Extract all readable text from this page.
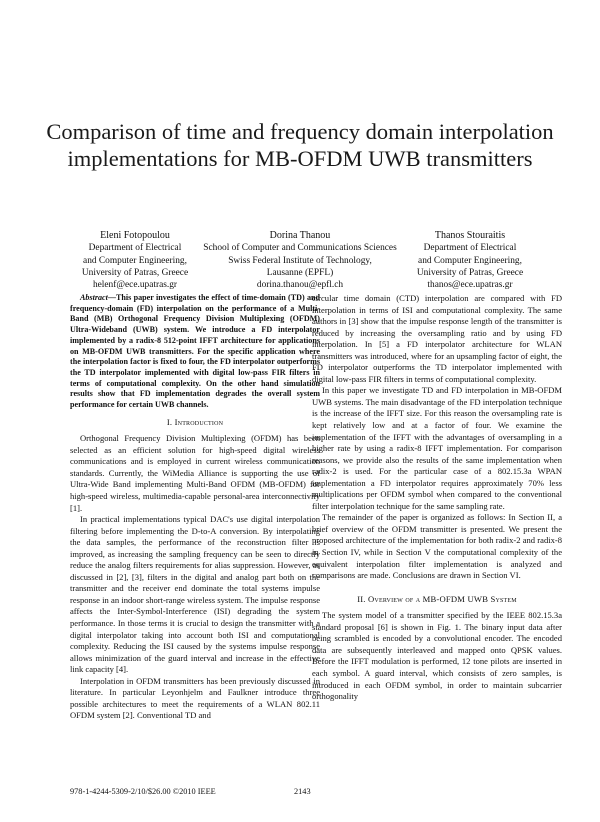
Comparison of time and frequency domain interpolation implementations for MB-OFDM UWB transmitters
Eleni Fotopoulou
Department of Electrical
and Computer Engineering,
University of Patras, Greece
helenf@ece.upatras.gr
Dorina Thanou
School of Computer and Communications Sciences
Swiss Federal Institute of Technology,
Lausanne (EPFL)
dorina.thanou@epfl.ch
Thanos Stouraitis
Department of Electrical
and Computer Engineering,
University of Patras, Greece
thanos@ece.upatras.gr

Abstract—This paper investigates the effect of time-domain (TD) and frequency-domain (FD) interpolation on the performance of a Multi-Band (MB) Orthogonal Frequency Division Multiplexing (OFDM) Ultra-Wideband (UWB) system. We introduce a FD interpolator implemented by a radix-8 512-point IFFT architecture for applications on MB-OFDM UWB transmitters. For the specific application where the interpolation factor is fixed to four, the FD interpolator outperforms the TD interpolator implemented with digital low-pass FIR filters in terms of computational complexity. On the other hand simulation results show that FD implementation degrades the overall system performance for certain UWB channels.

I. Introduction

Orthogonal Frequency Division Multiplexing (OFDM) has been selected as an efficient solution for high-speed digital wireless communications and is employed in current wireless communication standards. Currently, the WiMedia Alliance is supporting the use of Ultra-Wide Band implementing Multi-Band OFDM (MB-OFDM) for high-speed wireless, multimedia-capable personal-area interconnectivity [1].

In practical implementations typical DAC's use digital interpolation filtering before implementing the D-to-A conversion. By interpolating the data samples, the performance of the reconstruction filter is improved, as increasing the sampling frequency can be seen to directly reduce the analog filters requirements for alias suppression. However, as discussed in [2], [3], filters in the digital and analog part both on the transmitter and the receiver end dominate the total systems impulse response in an indoor short-range wireless system. The impulse response affects the Inter-Symbol-Interference (ISI) degrading the system performance. In those terms it is crucial to design the transmitter with a digital interpolator taking into account both ISI and computational complexity. Reducing the ISI caused by the systems impulse response allows minimization of the guard interval and increase in the effective link capacity [4].

Interpolation in OFDM transmitters has been previously discussed in literature. In particular Leyonhjelm and Faulkner introduce three possible architectures to meet the requirements of a WLAN 802.11 OFDM system [2]. Conventional TD and

circular time domain (CTD) interpolation are compared with FD interpolation in terms of ISI and computational complexity. The same authors in [3] show that the impulse response length of the transmitter is reduced by increasing the oversampling ratio and by using FD interpolation. In [5] a FD interpolator architecture for WLAN transmitters was introduced, where for an upsampling factor of eight, the FD interpolator outperforms the TD interpolator implemented with digital low-pass FIR filters in terms of computational complexity.

In this paper we investigate TD and FD interpolation in MB-OFDM UWB systems. The main disadvantage of the FD interpolation technique is the increase of the IFFT size. For this reason the oversampling rate is kept relatively low and at a factor of four. We examine the implementation of the IFFT with the advantages of oversampling in a higher rate by using a radix-8 IFFT implementation. For comparison reasons, we provide also the results of the same implementation when radix-2 is used. For the particular case of a 802.15.3a WPAN implementation a FD interpolator requires approximately 70% less multiplications per OFDM symbol when compared to the conventional filter interpolation technique for the same sampling rate.

The remainder of the paper is organized as follows: In Section II, a brief overview of the OFDM transmitter is presented. We present the proposed architecture of the implementation for both radix-2 and radix-8 in Section IV, while in Section V the computational complexity of the equivalent interpolation filter implementation is analyzed and comparisons are made. Conclusions are drawn in Section VI.

II. Overview of a MB-OFDM UWB System

The system model of a transmitter specified by the IEEE 802.15.3a standard proposal [6] is shown in Fig. 1. The binary input data after being scrambled is encoded by a convolutional encoder. The encoded data are subsequently interleaved and mapped onto QPSK values. Before the IFFT modulation is performed, 12 tone pilots are inserted in each symbol. A guard interval, which consists of zero samples, is introduced in each OFDM symbol, in order to maintain subcarrier orthogonality

978-1-4244-5309-2/10/$26.00 ©2010 IEEE	2143
